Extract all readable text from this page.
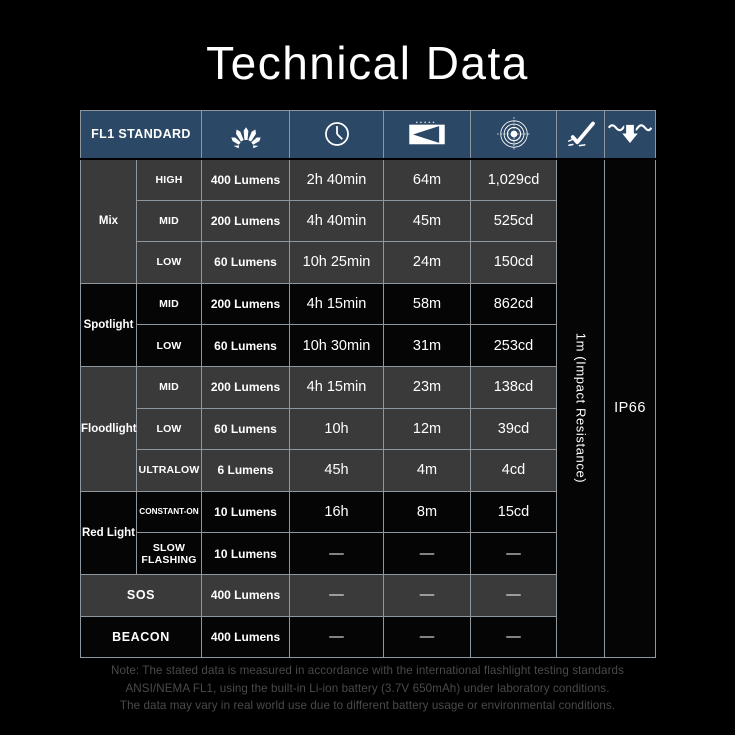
Technical Data
FL1 STANDARD						
Mix	HIGH	400 Lumens	2h 40min	64m	1,029cd	1m (Impact Resistance)	IP66
	MID	200 Lumens	4h 40min	45m	525cd		
	LOW	60 Lumens	10h 25min	24m	150cd		
Spotlight	MID	200 Lumens	4h 15min	58m	862cd		
	LOW	60 Lumens	10h 30min	31m	253cd		
Floodlight	MID	200 Lumens	4h 15min	23m	138cd		
	LOW	60 Lumens	10h	12m	39cd		
	ULTRALOW	6 Lumens	45h	4m	4cd		
Red Light	CONSTANT-ON	10 Lumens	16h	8m	15cd		
	SLOW FLASHING	10 Lumens	—	—	—		
SOS		400 Lumens	—	—	—		
BEACON		400 Lumens	—	—	—		
Note: The stated data is measured in accordance with the international flashlight testing standards
ANSI/NEMA FL1, using the built-in Li-ion battery (3.7V 650mAh) under laboratory conditions.
The data may vary in real world use due to different battery usage or environmental conditions.
